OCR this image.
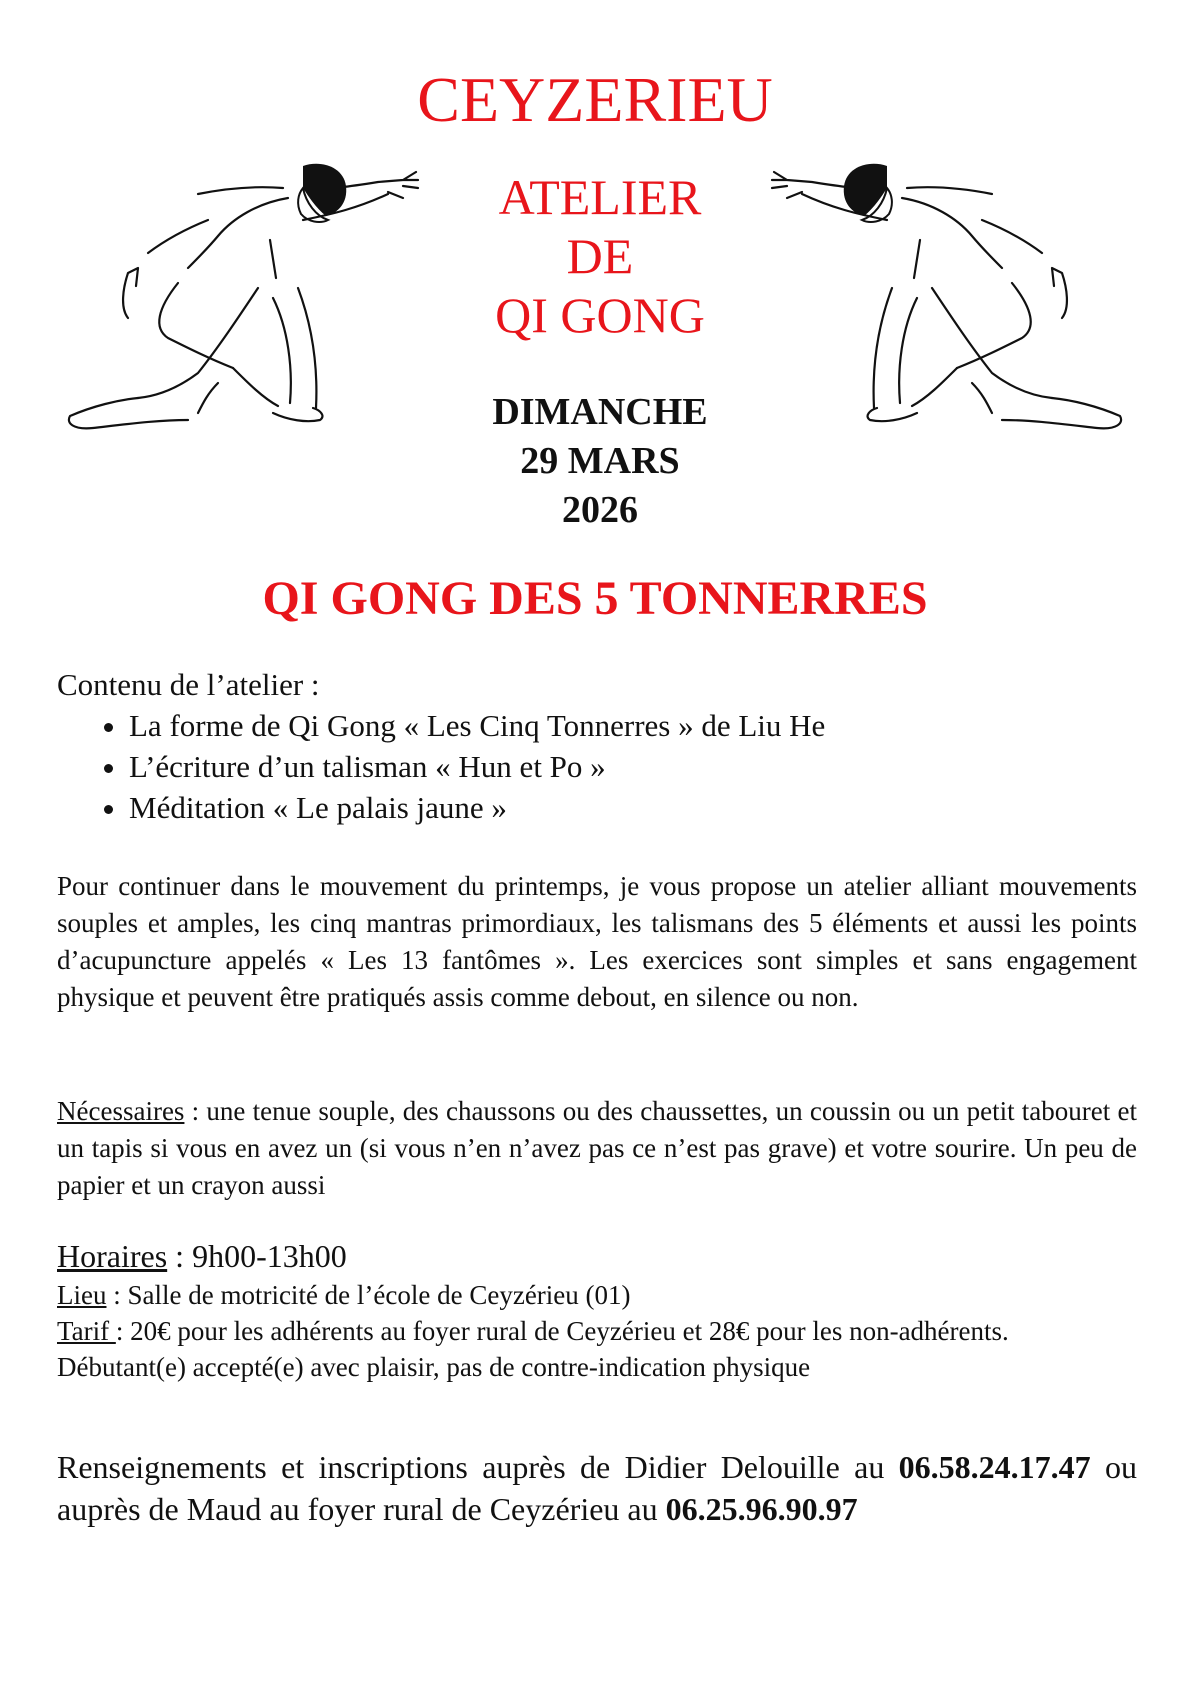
CEYZERIEU
ATELIER
DE
QI GONG
DIMANCHE
29 MARS
2026
QI GONG DES 5 TONNERRES
Contenu de l’atelier :
• La forme de Qi Gong « Les Cinq Tonnerres » de Liu He
• L’écriture d’un talisman « Hun et Po »
• Méditation « Le palais jaune »
Pour continuer dans le mouvement du printemps, je vous propose un atelier alliant mouvements souples et amples, les cinq mantras primordiaux, les talismans des 5 éléments et aussi les points d’acupuncture appelés « Les 13 fantômes ». Les exercices sont simples et sans engagement physique et peuvent être pratiqués assis comme debout, en silence ou non.
Nécessaires : une tenue souple, des chaussons ou des chaussettes, un coussin ou un petit tabouret et un tapis si vous en avez un (si vous n’en n’avez pas ce n’est pas grave) et votre sourire. Un peu de papier et un crayon aussi
Horaires : 9h00-13h00
Lieu : Salle de motricité de l’école de Ceyzérieu (01)
Tarif : 20€ pour les adhérents au foyer rural de Ceyzérieu et 28€ pour les non-adhérents.
Débutant(e) accepté(e) avec plaisir, pas de contre-indication physique
Renseignements et inscriptions auprès de Didier Delouille au 06.58.24.17.47 ou auprès de Maud au foyer rural de Ceyzérieu au 06.25.96.90.97
